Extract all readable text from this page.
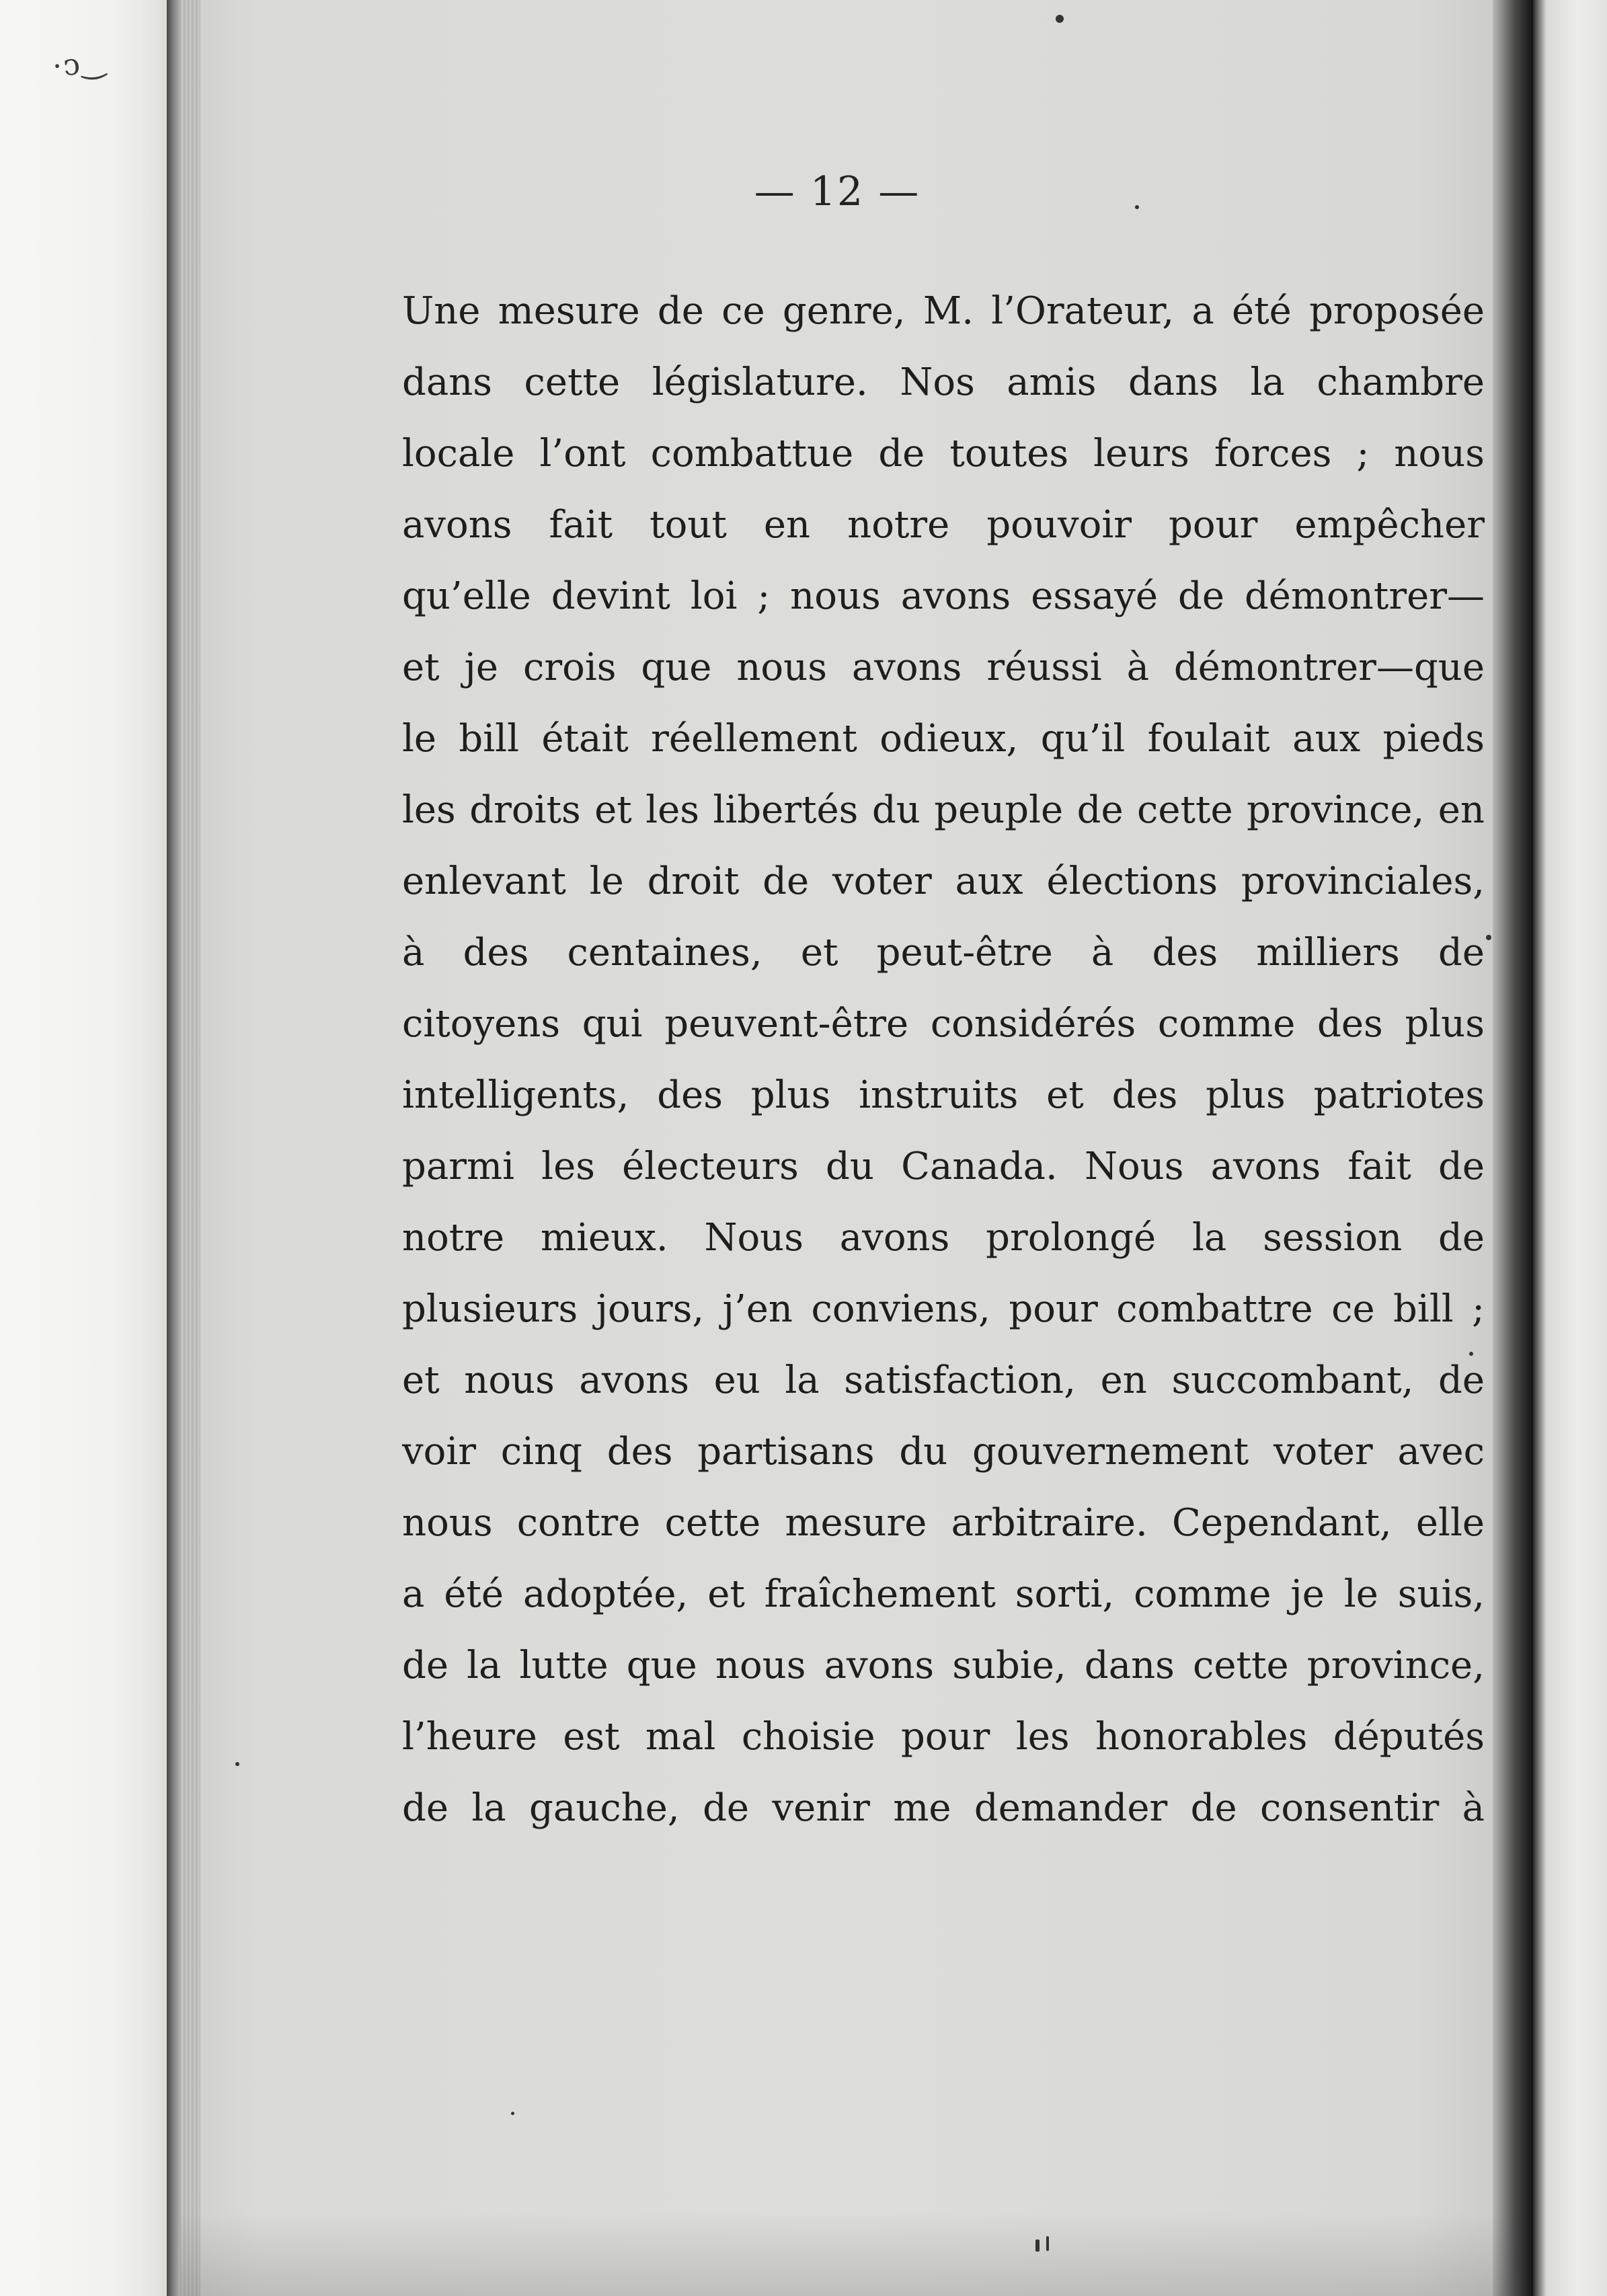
·ↄ‿
— 12 —
Une mesure de ce genre, M. l’Orateur, a été proposée
dans cette législature. Nos amis dans la chambre
locale l’ont combattue de toutes leurs forces ; nous
avons fait tout en notre pouvoir pour empêcher
qu’elle devint loi ; nous avons essayé de démontrer—
et je crois que nous avons réussi à démontrer—que
le bill était réellement odieux, qu’il foulait aux pieds
les droits et les libertés du peuple de cette province, en
enlevant le droit de voter aux élections provinciales,
à des centaines, et peut-être à des milliers de
citoyens qui peuvent-être considérés comme des plus
intelligents, des plus instruits et des plus patriotes
parmi les électeurs du Canada. Nous avons fait de
notre mieux. Nous avons prolongé la session de
plusieurs jours, j’en conviens, pour combattre ce bill ;
et nous avons eu la satisfaction, en succombant, de
voir cinq des partisans du gouvernement voter avec
nous contre cette mesure arbitraire. Cependant, elle
a été adoptée, et fraîchement sorti, comme je le suis,
de la lutte que nous avons subie, dans cette province,
l’heure est mal choisie pour les honorables députés
de la gauche, de venir me demander de consentir à
